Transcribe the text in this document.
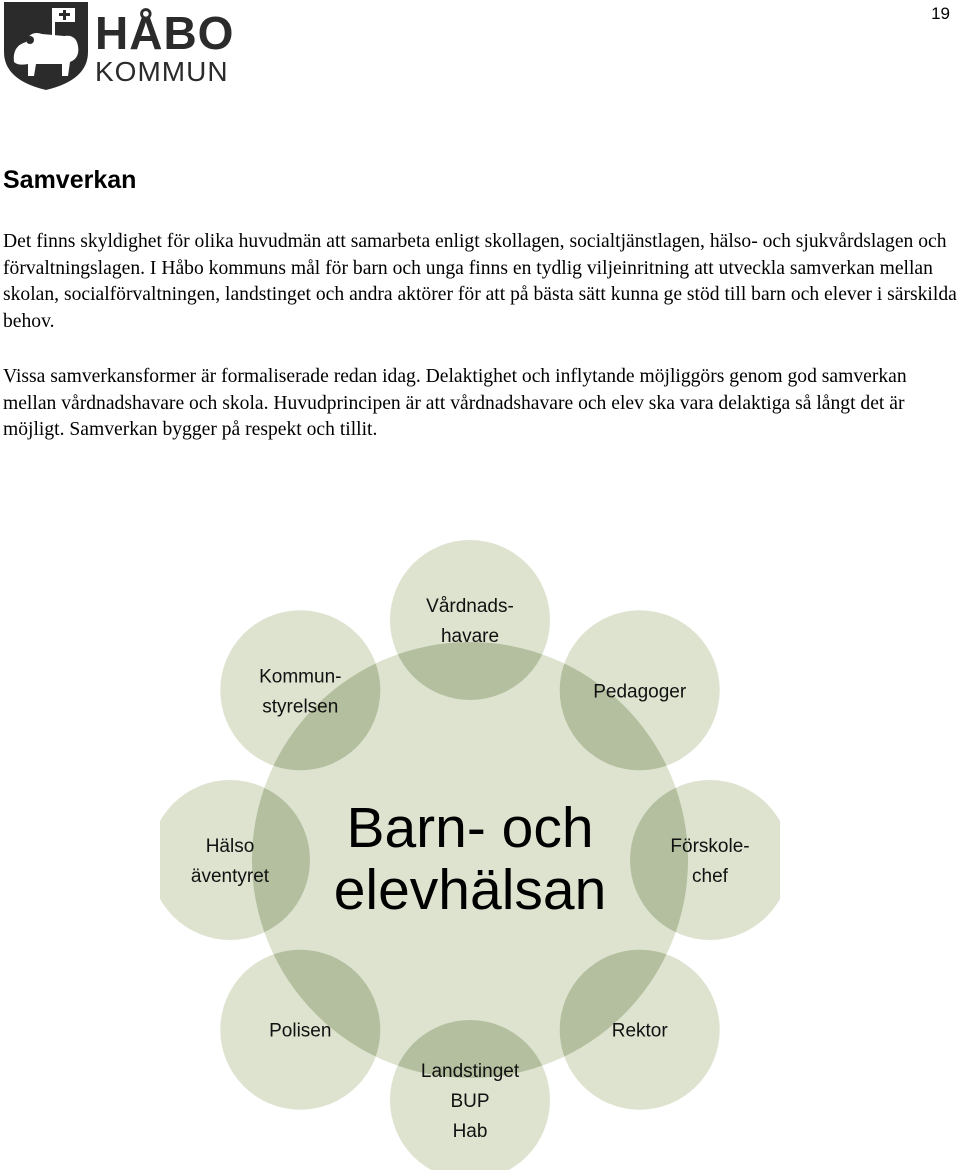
19
HÅBO
KOMMUN
Samverkan

Det finns skyldighet för olika huvudmän att samarbeta enligt skollagen, socialtjänstlagen, hälso- och sjukvårdslagen och förvaltningslagen. I Håbo kommuns mål för barn och unga finns en tydlig viljeinritning att utveckla samverkan mellan skolan, socialförvaltningen, landstinget och andra aktörer för att på bästa sätt kunna ge stöd till barn och elever i särskilda behov.

Vissa samverkansformer är formaliserade redan idag. Delaktighet och inflytande möjliggörs genom god samverkan mellan vårdnadshavare och skola. Huvudprincipen är att vårdnadshavare och elev ska vara delaktiga så långt det är möjligt. Samverkan bygger på respekt och tillit.

Vårdnads-havare
Pedagoger
Förskole-chef
Rektor
Landstinget BUP Hab
Polisen
Hälso äventyret
Kommun-styrelsen
Barn- och elevhälsan
